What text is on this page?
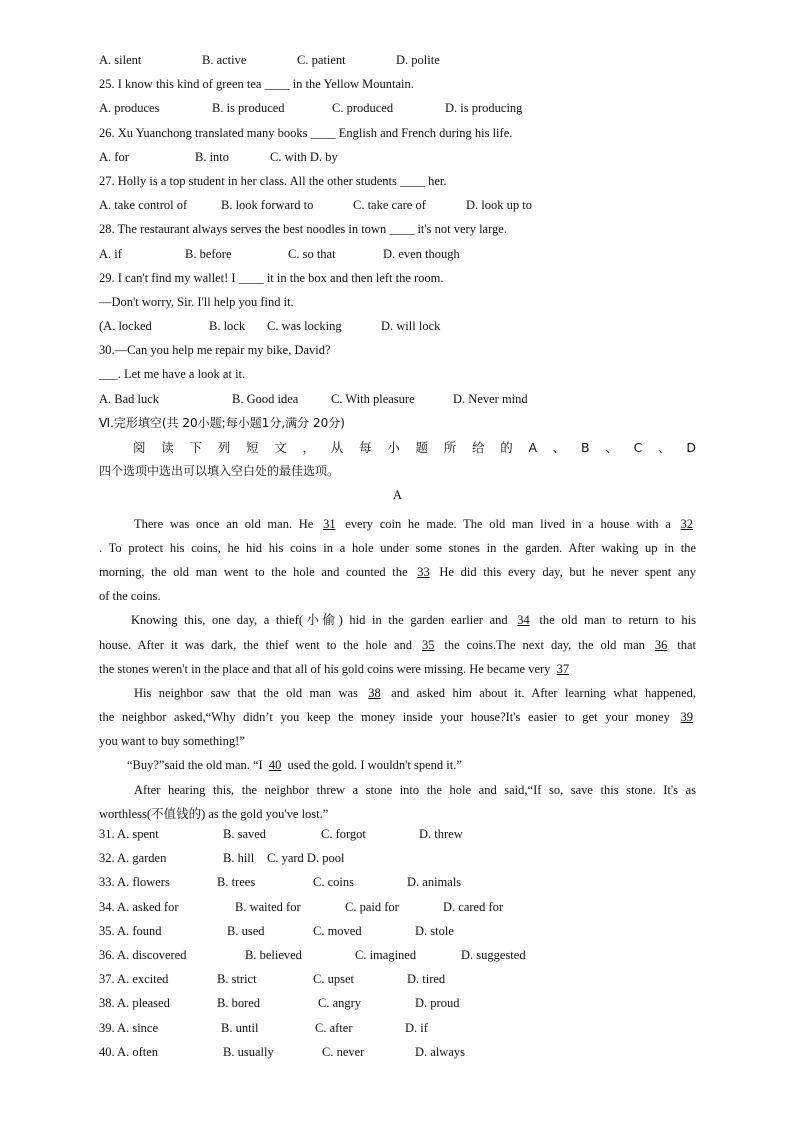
A. silent	B. active	C. patient	D. polite
25. I know this kind of green tea ____ in the Yellow Mountain.
A. produces	B. is produced	C. produced	D. is producing
26. Xu Yuanchong translated many books ____ English and French during his life.
A. for	B. into	C. with D. by
27. Holly is a top student in her class. All the other students ____ her.
A. take control of	B. look forward to	C. take care of	D. look up to
28. The restaurant always serves the best noodles in town ____ it's not very large.
A. if	B. before	C. so that	D. even though
29. I can't find my wallet! I ____ it in the box and then left the room.
—Don't worry, Sir. I'll help you find it.
(A. locked	B. lock C. was locking	D. will lock
30.—Can you help me repair my bike, David?
___. Let me have a look at it.
A. Bad luck	B. Good idea	C. With pleasure	D. Never mind
Ⅵ.完形填空(共 20小题;每小题1分,满分 20分)
阅 读 下 列 短 文 ， 从 每 小 题 所 给 的 A 、 B 、 C 、 D
四个选项中选出可以填入空白处的最佳选项。
A
There was once an old man. He 31 every coin he made. The old man lived in a house with a 32
. To protect his coins, he hid his coins in a hole under some stones in the garden. After waking up in the
morning, the old man went to the hole and counted the 33 He did this every day, but he never spent any
of the coins.
Knowing this, one day, a thief(小偷) hid in the garden earlier and 34 the old man to return to his
house. After it was dark, the thief went to the hole and 35 the coins.The next day, the old man 36 that
the stones weren't in the place and that all of his gold coins were missing. He became very 37
His neighbor saw that the old man was 38 and asked him about it. After learning what happened,
the neighbor asked,“Why didn’t you keep the money inside your house?It's easier to get your money 39
you want to buy something!”
“Buy?”said the old man. “I 40 used the gold. I wouldn't spend it.”
After hearing this, the neighbor threw a stone into the hole and said,“If so, save this stone. It's as
worthless(不值钱的) as the gold you've lost.”
31. A. spent	B. saved	C. forgot	D. threw
32. A. garden	B. hill C. yard D. pool
33. A. flowers	B. trees	C. coins	D. animals
34. A. asked for	B. waited for	C. paid for	D. cared for
35. A. found	B. used	C. moved	D. stole
36. A. discovered	B. believed	C. imagined	D. suggested
37. A. excited	B. strict	C. upset	D. tired
38. A. pleased	B. bored	C. angry	D. proud
39. A. since	B. until	C. after	D. if
40. A. often	B. usually	C. never	D. always
